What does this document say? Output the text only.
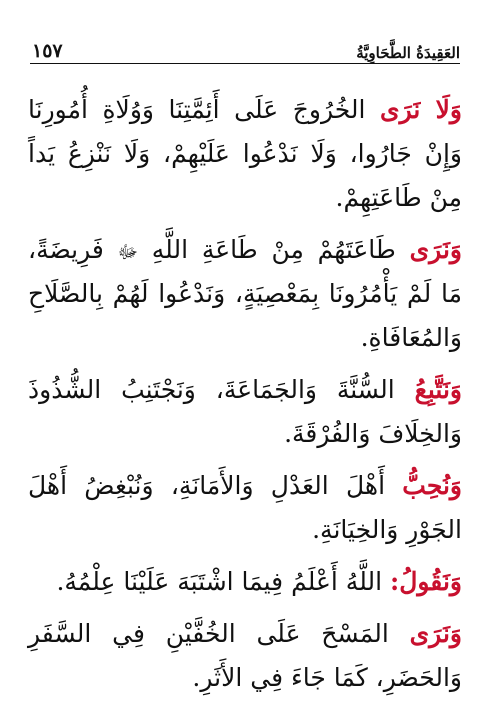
العَقِيدَةُ الطَّحَاوِيَّةُ
١٥٧
وَلَا نَرَى الخُرُوجَ عَلَى أَئِمَّتِنَا وَوُلَاةِ أُمُورِنَا
وَإِنْ جَارُوا، وَلَا نَدْعُوا عَلَيْهِمْ، وَلَا نَنْزِعُ يَداً
مِنْ طَاعَتِهِمْ.
وَنَرَى طَاعَتَهُمْ مِنْ طَاعَةِ اللَّهِ ﷻ فَرِيضَةً،
مَا لَمْ يَأْمُرُونَا بِمَعْصِيَةٍ، وَنَدْعُوا لَهُمْ بِالصَّلَاحِ
وَالمُعَافَاةِ.
وَنَتَّبِعُ السُّنَّةَ وَالجَمَاعَةَ، وَنَجْتَنِبُ الشُّذُوذَ
وَالخِلَافَ وَالفُرْقَةَ.
وَنُحِبُّ أَهْلَ العَدْلِ وَالأَمَانَةِ، وَنُبْغِضُ أَهْلَ
الجَوْرِ وَالخِيَانَةِ.
وَنَقُولُ: اللَّهُ أَعْلَمُ فِيمَا اشْتَبَهَ عَلَيْنَا عِلْمُهُ.
وَنَرَى المَسْحَ عَلَى الخُفَّيْنِ فِي السَّفَرِ
وَالحَضَرِ، كَمَا جَاءَ فِي الأَثَرِ.
